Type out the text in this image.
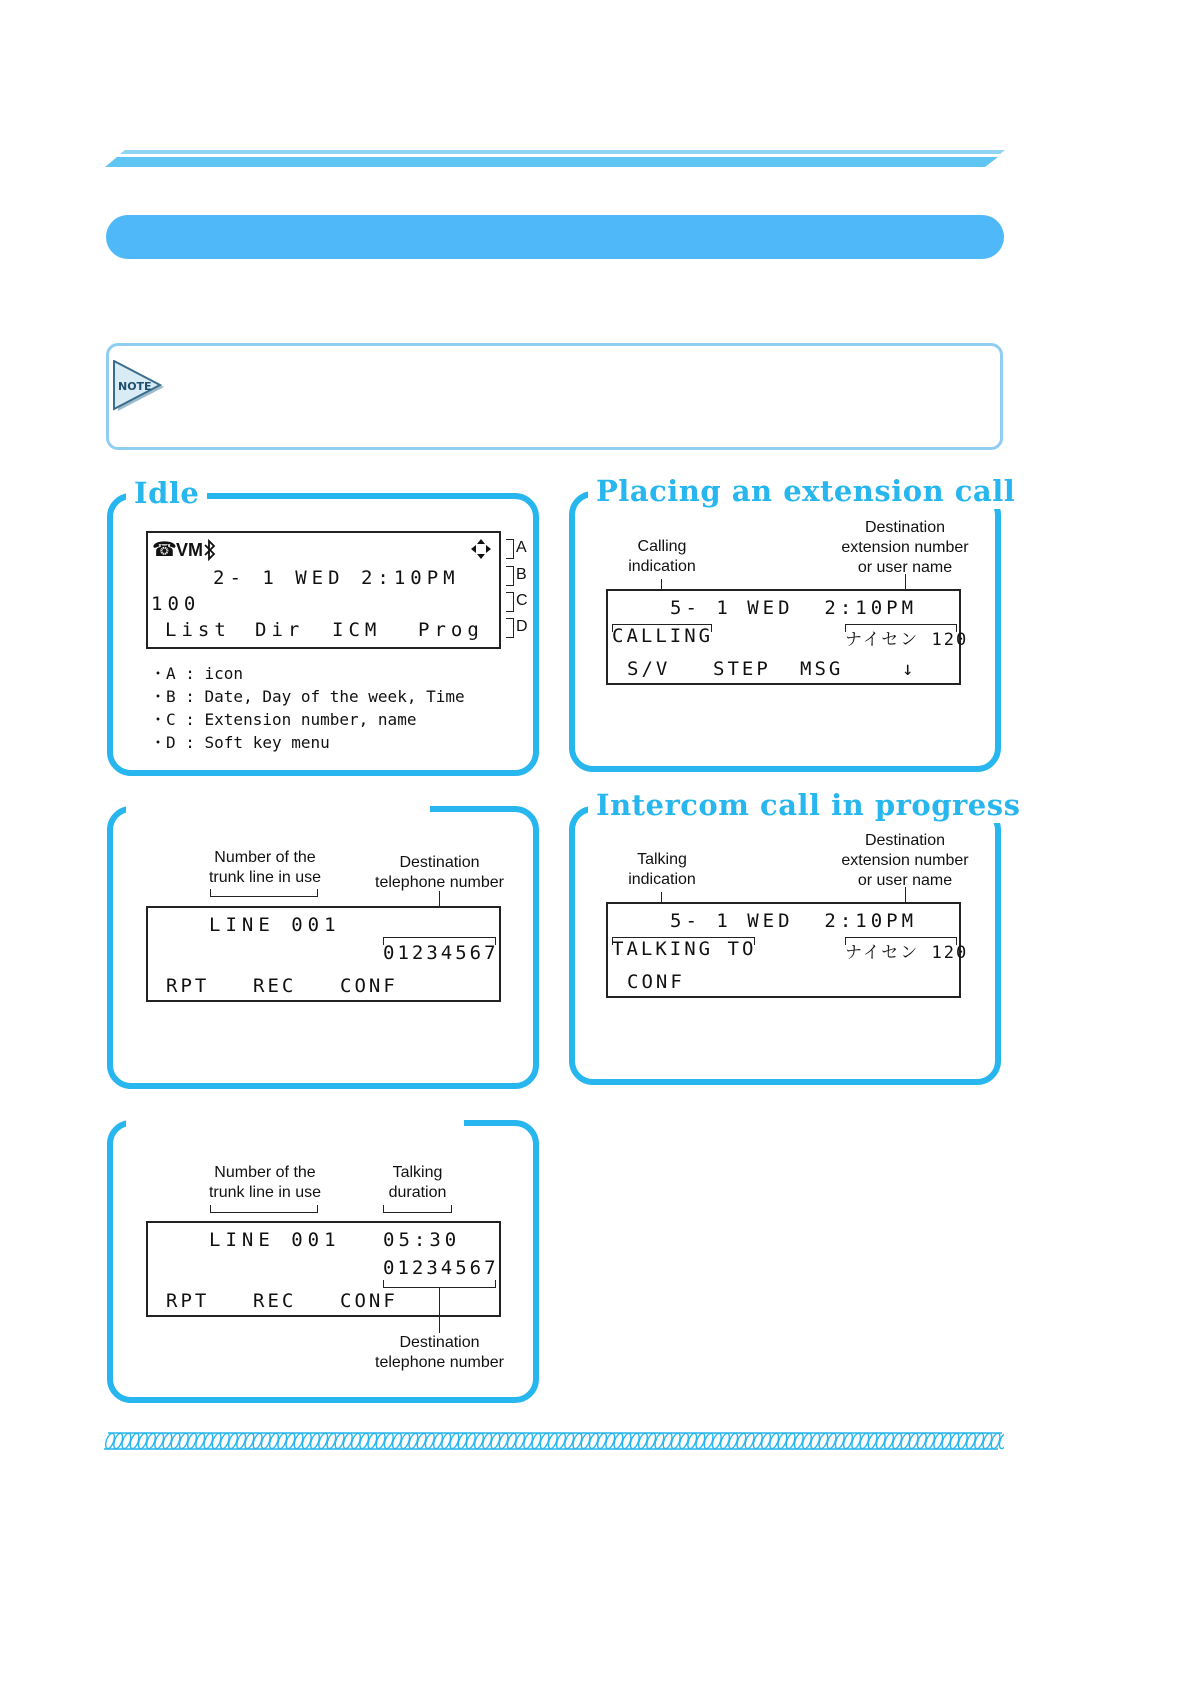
NOTE
Idle
☎ VM
2- 1 WED 2:10PM
100
List Dir ICM Prog
A
B
C
D
・A : icon
・B : Date, Day of the week, Time
・C : Extension number, name
・D : Soft key menu
Placing an extension call
Calling
indication
Destination
extension number
or user name
5- 1 WED  2:10PM
CALLING	ナイセン 120
S/V STEP MSG	↓
Number of the
trunk line in use
Destination
telephone number
LINE 001
01234567
RPT REC CONF
Intercom call in progress
Talking
indication
Destination
extension number
or user name
5- 1 WED  2:10PM
TALKING TO	ナイセン 120
CONF
Number of the
trunk line in use
Talking
duration
LINE 001 05:30
01234567
RPT REC CONF
Destination
telephone number
